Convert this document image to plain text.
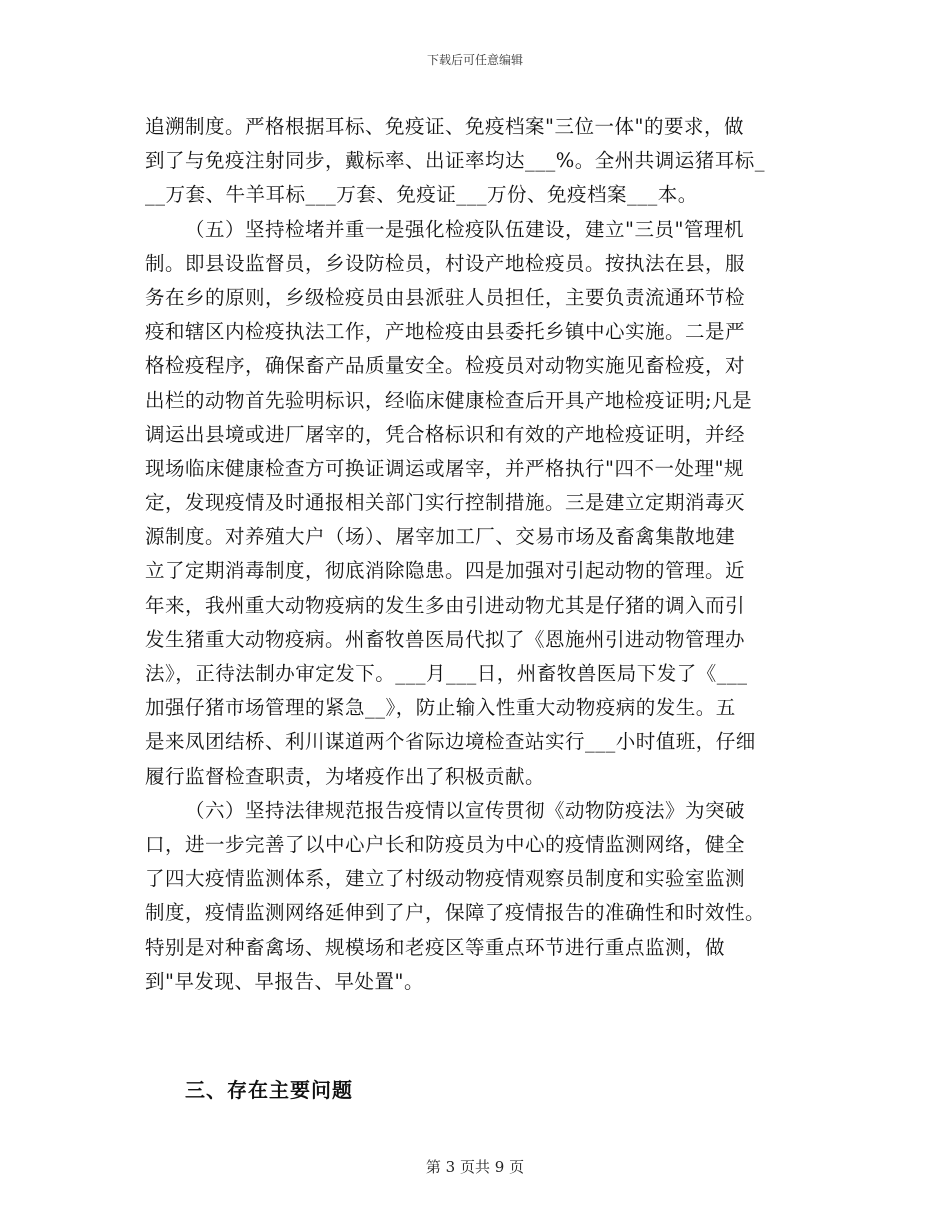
下载后可任意编辑
追溯制度。严格根据耳标、免疫证、免疫档案"三位一体"的要求，做
到了与免疫注射同步，戴标率、出证率均达___%。全州共调运猪耳标_
__万套、牛羊耳标___万套、免疫证___万份、免疫档案___本。
（五）坚持检堵并重一是强化检疫队伍建设，建立"三员"管理机
制。即县设监督员，乡设防检员，村设产地检疫员。按执法在县，服
务在乡的原则，乡级检疫员由县派驻人员担任，主要负责流通环节检
疫和辖区内检疫执法工作，产地检疫由县委托乡镇中心实施。二是严
格检疫程序，确保畜产品质量安全。检疫员对动物实施见畜检疫，对
出栏的动物首先验明标识，经临床健康检查后开具产地检疫证明;凡是
调运出县境或进厂屠宰的，凭合格标识和有效的产地检疫证明，并经
现场临床健康检查方可换证调运或屠宰，并严格执行"四不一处理"规
定，发现疫情及时通报相关部门实行控制措施。三是建立定期消毒灭
源制度。对养殖大户（场）、屠宰加工厂、交易市场及畜禽集散地建
立了定期消毒制度，彻底消除隐患。四是加强对引起动物的管理。近
年来，我州重大动物疫病的发生多由引进动物尤其是仔猪的调入而引
发生猪重大动物疫病。州畜牧兽医局代拟了《恩施州引进动物管理办
法》，正待法制办审定发下。___月___日，州畜牧兽医局下发了《___
加强仔猪市场管理的紧急__》，防止输入性重大动物疫病的发生。五
是来凤团结桥、利川谋道两个省际边境检查站实行___小时值班，仔细
履行监督检查职责，为堵疫作出了积极贡献。
（六）坚持法律规范报告疫情以宣传贯彻《动物防疫法》为突破
口，进一步完善了以中心户长和防疫员为中心的疫情监测网络，健全
了四大疫情监测体系，建立了村级动物疫情观察员制度和实验室监测
制度，疫情监测网络延伸到了户，保障了疫情报告的准确性和时效性。
特别是对种畜禽场、规模场和老疫区等重点环节进行重点监测，做
到"早发现、早报告、早处置"。
三、存在主要问题
第 3 页共 9 页
